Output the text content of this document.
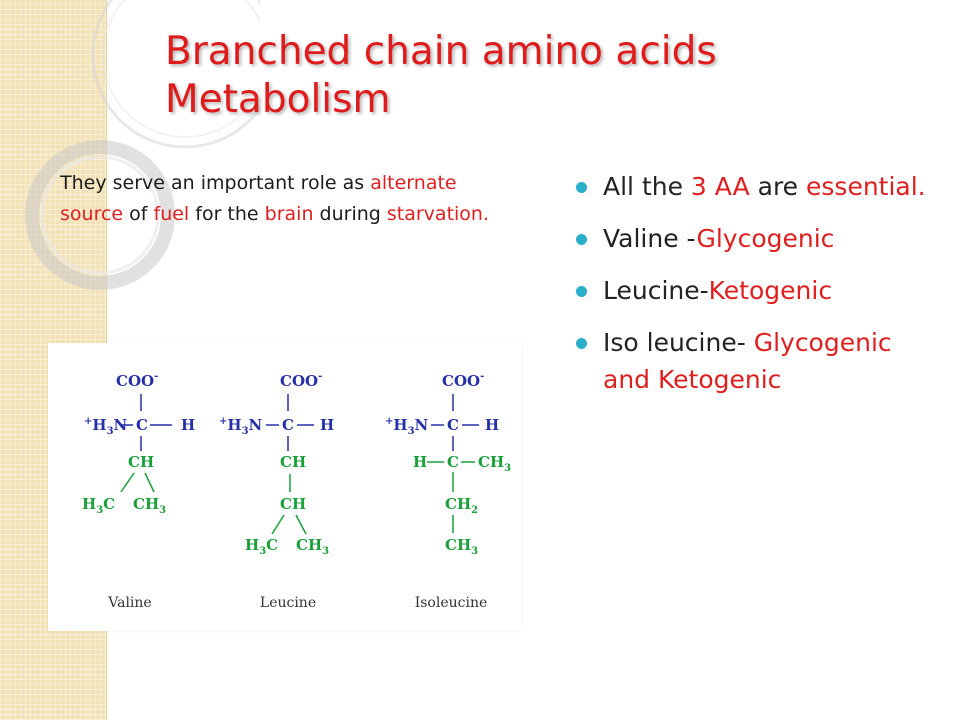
Branched chain amino acids
Metabolism

They serve an important role as alternate source of fuel for the brain during starvation.

COO-
$^+H_3N$ C H
CH
$H_3C$ $CH_3$
COO-
$^+H_3N$ C H
CH
CH
$H_3C$ $CH_3$
COO-
$^+H_3N$ C H
H C $CH_3$
$CH_2$
$CH_3$
Valine	Leucine	Isoleucine
All the 3 AA are essential.
Valine -Glycogenic
Leucine-Ketogenic
Iso leucine- Glycogenic and Ketogenic
